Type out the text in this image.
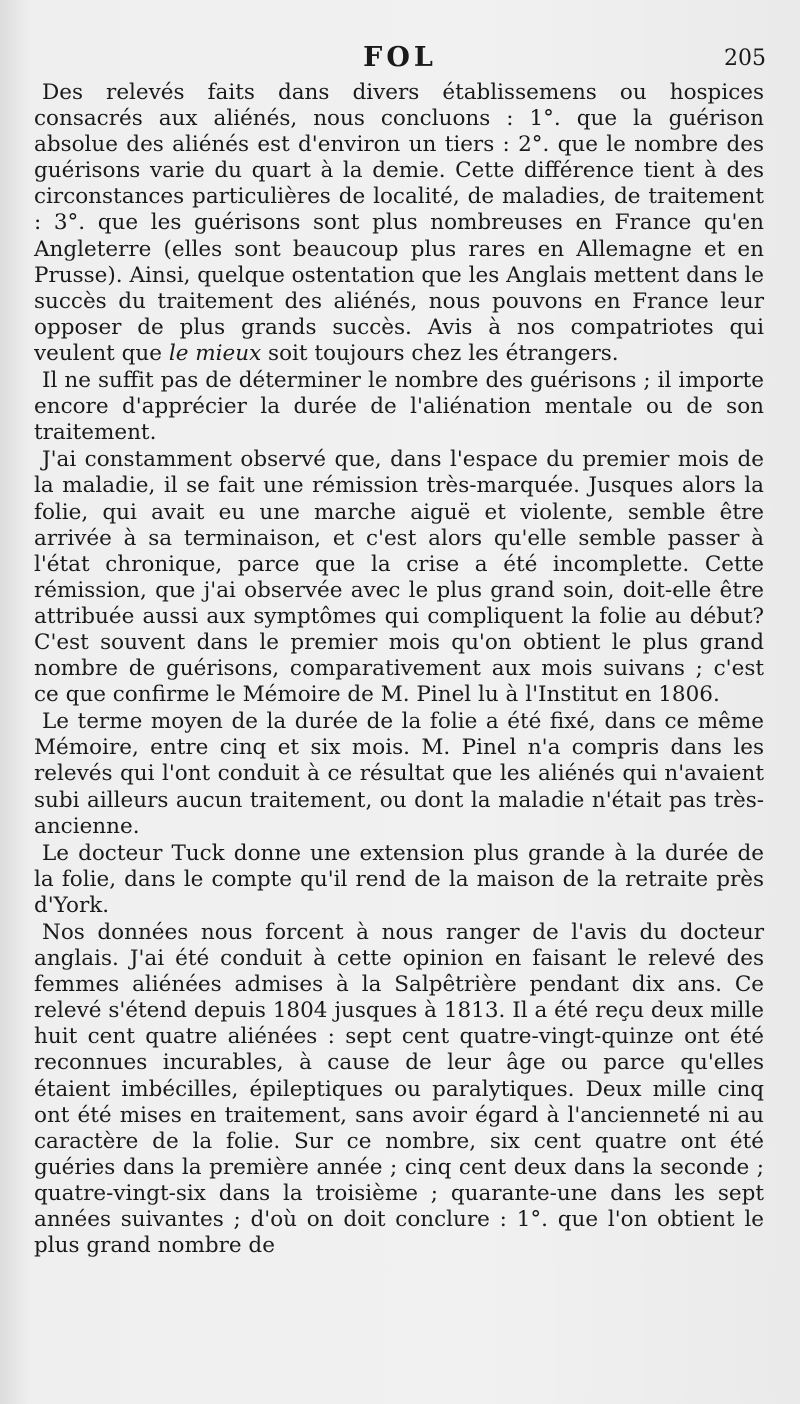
FOL	205

Des relevés faits dans divers établissemens ou hospices consacrés aux aliénés, nous concluons : 1°. que la guérison absolue des aliénés est d'environ un tiers : 2°. que le nombre des guérisons varie du quart à la demie. Cette différence tient à des circonstances particulières de localité, de maladies, de traitement : 3°. que les guérisons sont plus nombreuses en France qu'en Angleterre (elles sont beaucoup plus rares en Allemagne et en Prusse). Ainsi, quelque ostentation que les Anglais mettent dans le succès du traitement des aliénés, nous pouvons en France leur opposer de plus grands succès. Avis à nos compatriotes qui veulent que le mieux soit toujours chez les étrangers.

Il ne suffit pas de déterminer le nombre des guérisons ; il importe encore d'apprécier la durée de l'aliénation mentale ou de son traitement.

J'ai constamment observé que, dans l'espace du premier mois de la maladie, il se fait une rémission très-marquée. Jusques alors la folie, qui avait eu une marche aiguë et violente, semble être arrivée à sa terminaison, et c'est alors qu'elle semble passer à l'état chronique, parce que la crise a été incomplette. Cette rémission, que j'ai observée avec le plus grand soin, doit-elle être attribuée aussi aux symptômes qui compliquent la folie au début? C'est souvent dans le premier mois qu'on obtient le plus grand nombre de guérisons, comparativement aux mois suivans ; c'est ce que confirme le Mémoire de M. Pinel lu à l'Institut en 1806.

Le terme moyen de la durée de la folie a été fixé, dans ce même Mémoire, entre cinq et six mois. M. Pinel n'a compris dans les relevés qui l'ont conduit à ce résultat que les aliénés qui n'avaient subi ailleurs aucun traitement, ou dont la maladie n'était pas très-ancienne.

Le docteur Tuck donne une extension plus grande à la durée de la folie, dans le compte qu'il rend de la maison de la retraite près d'York.

Nos données nous forcent à nous ranger de l'avis du docteur anglais. J'ai été conduit à cette opinion en faisant le relevé des femmes aliénées admises à la Salpêtrière pendant dix ans. Ce relevé s'étend depuis 1804 jusques à 1813. Il a été reçu deux mille huit cent quatre aliénées : sept cent quatre-vingt-quinze ont été reconnues incurables, à cause de leur âge ou parce qu'elles étaient imbécilles, épileptiques ou paralytiques. Deux mille cinq ont été mises en traitement, sans avoir égard à l'ancienneté ni au caractère de la folie. Sur ce nombre, six cent quatre ont été guéries dans la première année ; cinq cent deux dans la seconde ; quatre-vingt-six dans la troisième ; quarante-une dans les sept années suivantes ; d'où on doit conclure : 1°. que l'on obtient le plus grand nombre de
